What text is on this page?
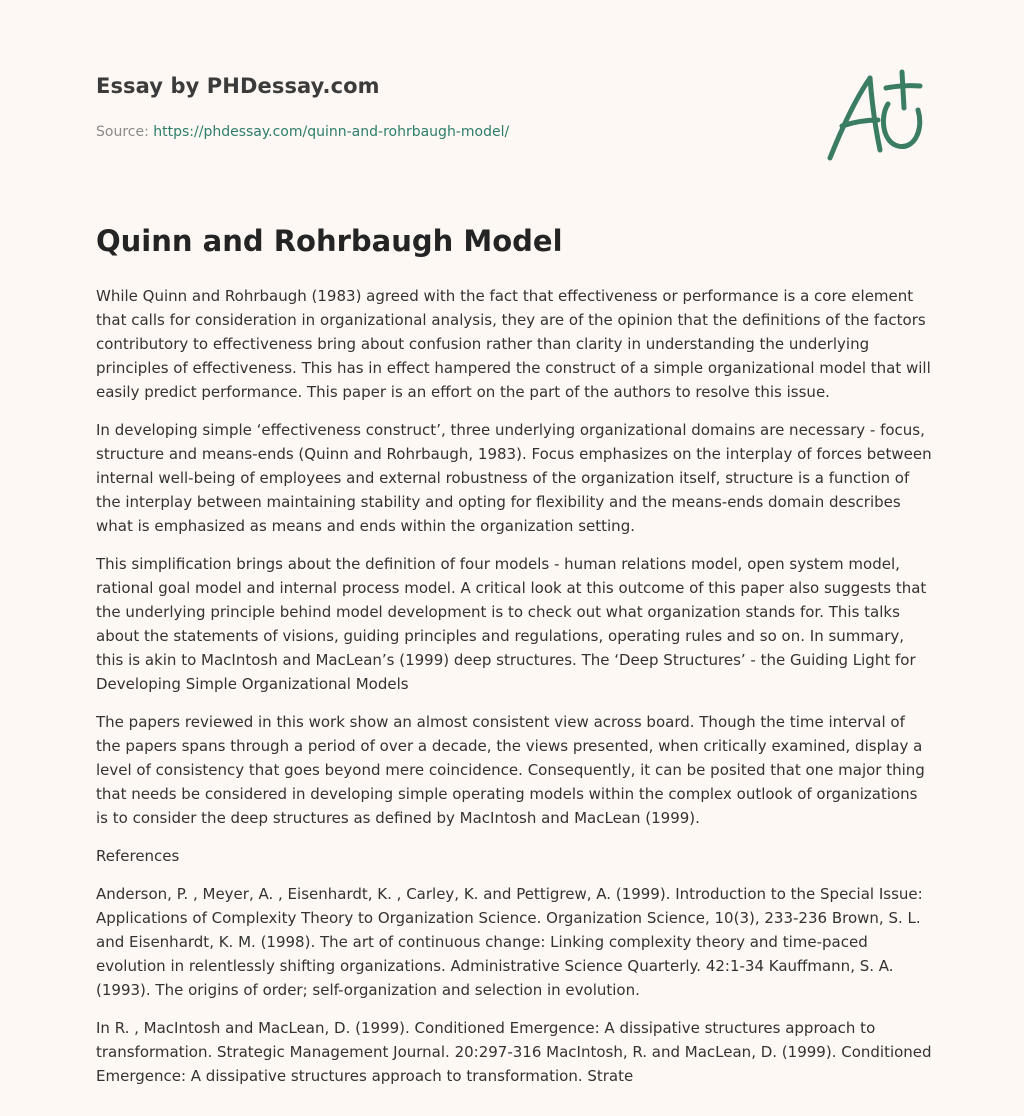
Essay by PHDessay.com
Source: https://phdessay.com/quinn-and-rohrbaugh-model/
Quinn and Rohrbaugh Model

While Quinn and Rohrbaugh (1983) agreed with the fact that effectiveness or performance is a core element that calls for consideration in organizational analysis, they are of the opinion that the definitions of the factors contributory to effectiveness bring about confusion rather than clarity in understanding the underlying principles of effectiveness. This has in effect hampered the construct of a simple organizational model that will easily predict performance. This paper is an effort on the part of the authors to resolve this issue.

In developing simple ‘effectiveness construct’, three underlying organizational domains are necessary - focus, structure and means-ends (Quinn and Rohrbaugh, 1983). Focus emphasizes on the interplay of forces between internal well-being of employees and external robustness of the organization itself, structure is a function of the interplay between maintaining stability and opting for flexibility and the means-ends domain describes what is emphasized as means and ends within the organization setting.

This simplification brings about the definition of four models - human relations model, open system model, rational goal model and internal process model. A critical look at this outcome of this paper also suggests that the underlying principle behind model development is to check out what organization stands for. This talks about the statements of visions, guiding principles and regulations, operating rules and so on. In summary, this is akin to MacIntosh and MacLean’s (1999) deep structures. The ‘Deep Structures’ - the Guiding Light for Developing Simple Organizational Models

The papers reviewed in this work show an almost consistent view across board. Though the time interval of the papers spans through a period of over a decade, the views presented, when critically examined, display a level of consistency that goes beyond mere coincidence. Consequently, it can be posited that one major thing that needs be considered in developing simple operating models within the complex outlook of organizations is to consider the deep structures as defined by MacIntosh and MacLean (1999).

References

Anderson, P. , Meyer, A. , Eisenhardt, K. , Carley, K. and Pettigrew, A. (1999). Introduction to the Special Issue: Applications of Complexity Theory to Organization Science. Organization Science, 10(3), 233-236 Brown, S. L. and Eisenhardt, K. M. (1998). The art of continuous change: Linking complexity theory and time-paced evolution in relentlessly shifting organizations. Administrative Science Quarterly. 42:1-34 Kauffmann, S. A. (1993). The origins of order; self-organization and selection in evolution.

In R. , MacIntosh and MacLean, D. (1999). Conditioned Emergence: A dissipative structures approach to transformation. Strategic Management Journal. 20:297-316 MacIntosh, R. and MacLean, D. (1999). Conditioned Emergence: A dissipative structures approach to transformation. Strate
